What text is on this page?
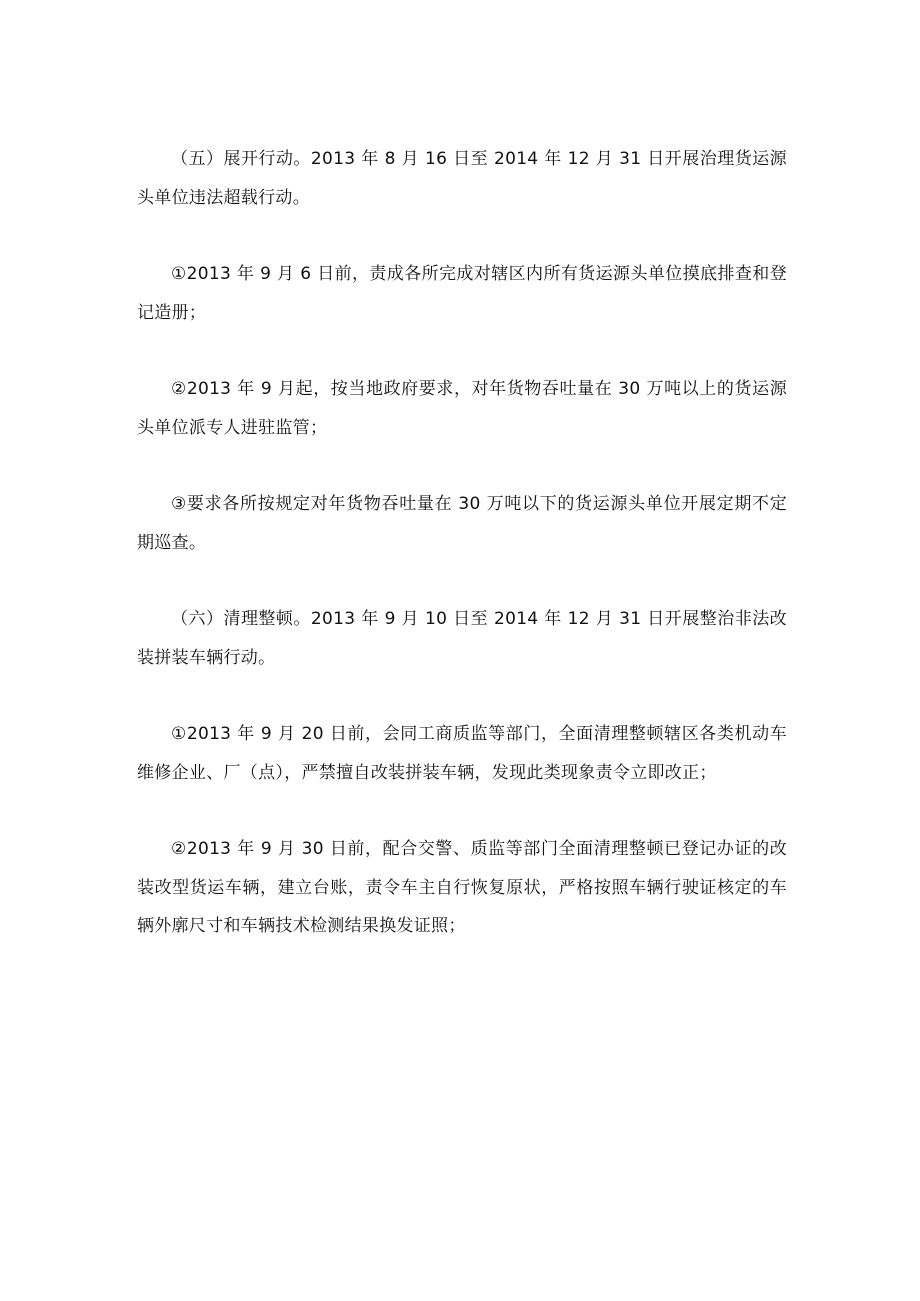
（五）展开行动。2013 年 8 月 16 日至 2014 年 12 月 31 日开展治理货运源头单位违法超载行动。

①2013 年 9 月 6 日前，责成各所完成对辖区内所有货运源头单位摸底排查和登记造册；

②2013 年 9 月起，按当地政府要求，对年货物吞吐量在 30 万吨以上的货运源头单位派专人进驻监管；

③要求各所按规定对年货物吞吐量在 30 万吨以下的货运源头单位开展定期不定期巡查。

（六）清理整顿。2013 年 9 月 10 日至 2014 年 12 月 31 日开展整治非法改装拼装车辆行动。

①2013 年 9 月 20 日前，会同工商质监等部门，全面清理整顿辖区各类机动车维修企业、厂（点），严禁擅自改装拼装车辆，发现此类现象责令立即改正；

②2013 年 9 月 30 日前，配合交警、质监等部门全面清理整顿已登记办证的改装改型货运车辆，建立台账，责令车主自行恢复原状，严格按照车辆行驶证核定的车辆外廓尺寸和车辆技术检测结果换发证照；
